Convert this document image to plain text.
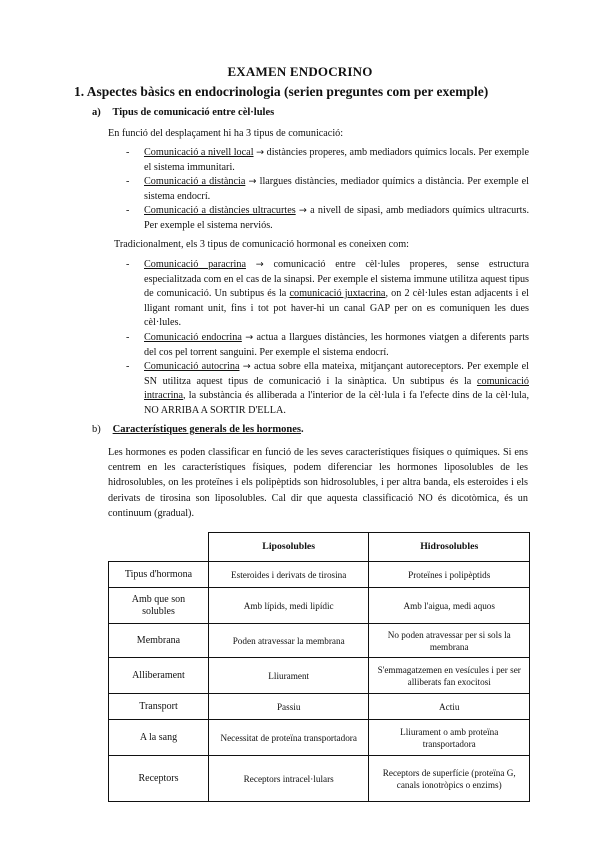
EXAMEN ENDOCRINO
1. Aspectes bàsics en endocrinologia (serien preguntes com per exemple)
a) Tipus de comunicació entre cèl·lules
En funció del desplaçament hi ha 3 tipus de comunicació:
- Comunicació a nivell local → distàncies properes, amb mediadors químics locals. Per exemple el sistema immunitari.
- Comunicació a distància → llargues distàncies, mediador químics a distància. Per exemple el sistema endocrí.
- Comunicació a distàncies ultracurtes → a nivell de sipasi, amb mediadors químics ultracurts. Per exemple el sistema nerviós.
Tradicionalment, els 3 tipus de comunicació hormonal es coneixen com:
- Comunicació paracrina → comunicació entre cèl·lules properes, sense estructura especialitzada com en el cas de la sinapsi. Per exemple el sistema immune utilitza aquest tipus de comunicació. Un subtipus és la comunicació juxtacrina, on 2 cèl·lules estan adjacents i el lligant romant unit, fins i tot pot haver-hi un canal GAP per on es comuniquen les dues cèl·lules.
- Comunicació endocrina → actua a llargues distàncies, les hormones viatgen a diferents parts del cos pel torrent sanguini. Per exemple el sistema endocrí.
- Comunicació autocrina → actua sobre ella mateixa, mitjançant autoreceptors. Per exemple el SN utilitza aquest tipus de comunicació i la sinàptica. Un subtipus és la comunicació intracrina, la substància és alliberada a l'interior de la cèl·lula i fa l'efecte dins de la cèl·lula, NO ARRIBA A SORTIR D'ELLA.
b) Característiques generals de les hormones.
Les hormones es poden classificar en funció de les seves característiques físiques o químiques. Si ens centrem en les característiques físiques, podem diferenciar les hormones liposolubles de les hidrosolubles, on les proteïnes i els polipèptids son hidrosolubles, i per altra banda, els esteroides i els derivats de tirosina son liposolubles. Cal dir que aquesta classificació NO és dicotòmica, és un continuum (gradual).
	Liposolubles	Hidrosolubles
Tipus d'hormona	Esteroides i derivats de tirosina	Proteïnes i polipèptids
Amb que son solubles	Amb lípids, medi lipídic	Amb l'aigua, medi aquos
Membrana	Poden atravessar la membrana	No poden atravessar per si sols la membrana
Alliberament	Lliurament	S'emmagatzemen en vesícules i per ser alliberats fan exocitosi
Transport	Passiu	Actiu
A la sang	Necessitat de proteïna transportadora	Lliurament o amb proteïna transportadora
Receptors	Receptors intracel·lulars	Receptors de superfície (proteïna G, canals ionotròpics o enzims)
